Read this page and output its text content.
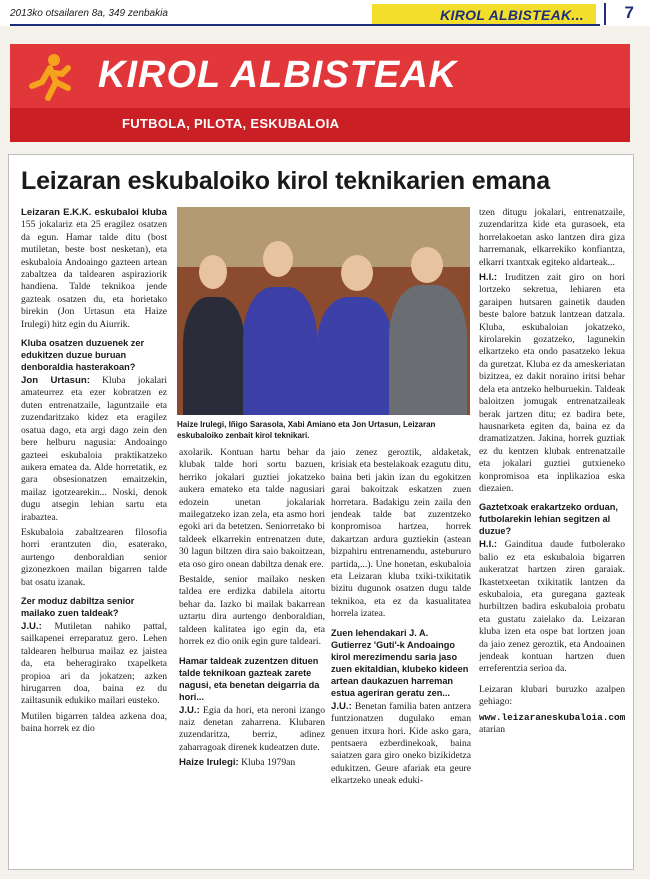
2013ko otsailaren 8a, 349 zenbakia	KIROL ALBISTEAK... 7
KIROL ALBISTEAK
FUTBOLA, PILOTA, ESKUBALOIA
Leizaran eskubaloiko kirol teknikarien emana
Haize Irulegi, Iñigo Sarasola, Xabi Amiano eta Jon Urtasun, Leizaran eskubaloiko zenbait kirol teknikari.

Leizaran E.K.K. eskubaloi kluba 155 jokalariz eta 25 eragilez osatzen da egun. Hamar talde ditu (bost mutiletan, beste bost nesketan), eta eskubaloia Andoaingo gazteen artean zabaltzea da taldearen aspiraziorik handiena. Talde teknikoa jende gazteak osatzen du, eta horietako birekin (Jon Urtasun eta Haize Irulegi) hitz egin du Aiurrik.

Kluba osatzen duzuenek zer edukitzen duzue buruan denboraldia hasterakoan?

Jon Urtasun: Kluba jokalari amateurrez eta ezer kobratzen ez duten entrenatzaile, laguntzaile eta zuzendaritzako kidez eta eragilez osatua dago, eta argi dago zein den bere helburu nagusia: Andoaingo gazteei eskubaloia praktikatzeko aukera ematea da. Alde horretatik, ez gara obsesionatzen emaitzekin, mailaz igotzearekin... Noski, denok dugu atsegin lehian sartu eta irabaztea.

Eskubaloia zabaltzearen filosofia horri erantzuten dio, esaterako, aurtengo denboraldian senior gizonezkoen mailan bigarren talde bat osatu izanak.

Zer moduz dabiltza senior mailako zuen taldeak?

J.U.: Mutiletan nahiko pattal, sailkapenei erreparatuz gero. Lehen taldearen helburua mailaz ez jaistea da, eta beheragirako txapelketa propioa ari da jokatzen; azken hirugarren doa, baina ez du zailtasunik edukiko mailari eusteko.

Mutilen bigarren taldea azkena doa, baina horrek ez dio

axolarik. Kontuan hartu behar da klubak talde hori sortu bazuen, herriko jokalari guztiei jokatzeko aukera emateko eta talde nagusiari edozein unetan jokalariak mailegatzeko izan zela, eta asmo hori egoki ari da betetzen. Seniorretako bi taldeek elkarrekin entrenatzen dute, 30 lagun biltzen dira saio bakoitzean, eta oso giro onean dabiltza denak ere.

Bestalde, senior mailako nesken taldea ere erdizka dabilela aitortu behar da. Iazko bi mailak bakarrean uztartu dira aurtengo denboraldian, taldeen kalitatea igo egin da, eta horrek ez dio onik egin gure taldeari.

Hamar taldeak zuzentzen dituen talde teknikoan gazteak zarete nagusi, eta benetan deigarria da hori...

J.U.: Egia da hori, eta neroni izango naiz denetan zaharrena. Klubaren zuzendaritza, berriz, adinez zaharragoak direnek kudeatzen dute.

Haize Irulegi: Kluba 1979an

jaio zenez geroztik, aldaketak, krisiak eta bestelakoak ezagutu ditu, baina beti jakin izan du egokitzen garai bakoitzak eskatzen zuen horretara. Badakigu zein zaila den jendeak talde bat zuzentzeko konpromisoa hartzea, horrek dakartzan ardura guztiekin (astean bizpahiru entrenamendu, astebururo partida,...). Une honetan, eskubaloia eta Leizaran kluba txiki-txikitatik bizitu dugunok osatzen dugu talde teknikoa, eta ez da kasualitatea horrela izatea.

Zuen lehendakari J. A. Gutierrez 'Guti'-k Andoaingo kirol merezimendu saria jaso zuen ekitaldian, klubeko kideen artean daukazuen harreman estua ageriran geratu zen...

J.U.: Benetan familia baten antzera funtzionatzen dugulako eman genuen itxura hori. Kide asko gara, pentsaera ezberdinekoak, baina saiatzen gara giro oneko bizikidetza edukitzen. Geure afariak eta geure elkartzeko uneak eduki-

tzen ditugu jokalari, entrenatzaile, zuzendaritza kide eta gurasoek, eta horrelakoetan asko lantzen dira giza harremanak, elkarrekiko konfiantza, elkarri txantxak egiteko aldarteak...

H.I.: Iruditzen zait giro on hori lortzeko sekretua, lehiaren eta garaipen hutsaren gainetik dauden beste balore batzuk lantzean datzala. Kluba, eskubaloian jokatzeko, kirolarekin gozatzeko, lagunekin elkartzeko eta ondo pasatzeko lekua da guretzat. Kluba ez da ameskeriatan bizitzea, ez dakit noraino iritsi behar dela eta antzeko helburuekin. Taldeak baloitzen jomugak entrenatzaileak berak jartzen ditu; ez badira bete, hausnarketa egiten da, baina ez da dramatizatzen. Jakina, horrek guztiak ez du kentzen klubak entrenatzaile eta jokalari guztiei gutxieneko konpromisoa eta inplikazioa eska diezaien.

Gaztetxoak erakartzeko orduan, futbolarekin lehian segitzen al duzue?

H.I.: Gainditua daude futbolerako balio ez eta eskubaloia bigarren aukeratzat hartzen ziren garaiak. Ikastetxeetan txikitatik lantzen da eskubaloia, eta guregana gazteak hurbiltzen badira eskubaloia probatu eta gustatu zaielako da. Leizaran kluba izen eta ospe bat lortzen joan da jaio zenez geroztik, eta Andoainen jendeak kontuan hartzen duen erreferentzia serioa da.

Leizaran klubari buruzko azalpen gehiago:

www.leizaraneskubaloia.com
atarian
